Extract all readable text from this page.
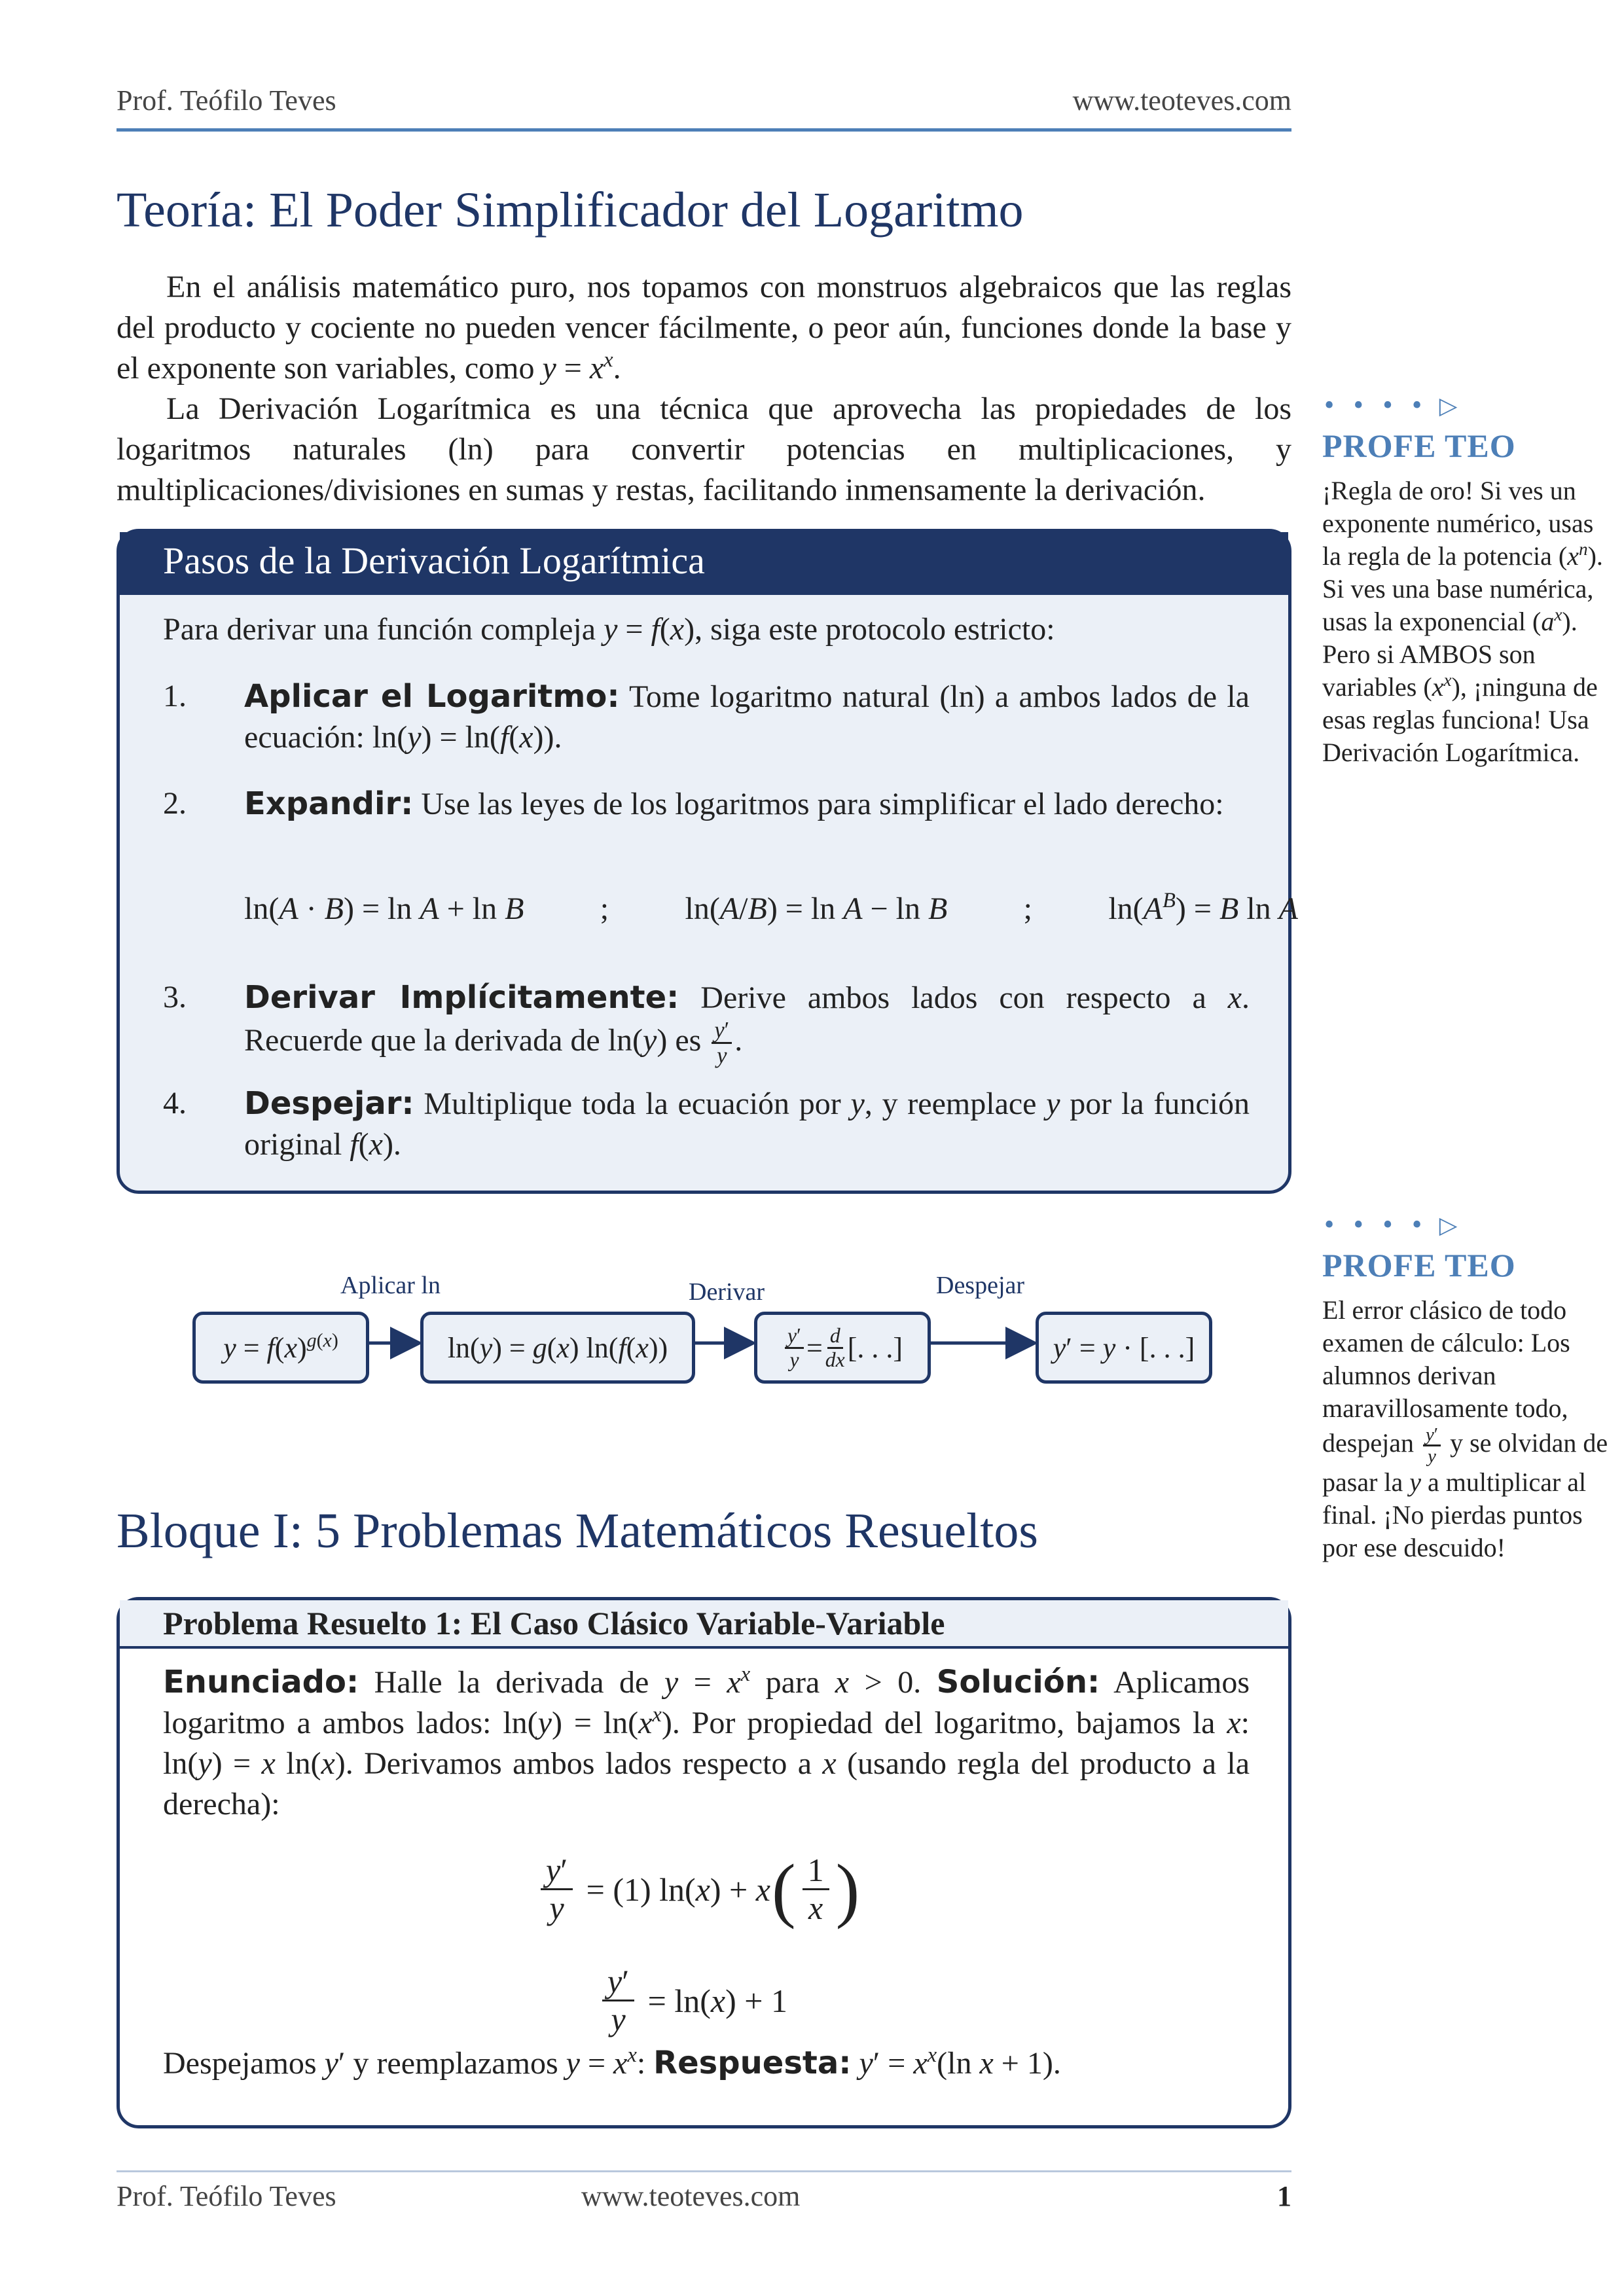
Prof. Teófilo Teves	www.teoteves.com
Teoría: El Poder Simplificador del Logaritmo
En el análisis matemático puro, nos topamos con monstruos algebraicos que las reglas del producto y cociente no pueden vencer fácilmente, o peor aún, funciones donde la base y el exponente son variables, como $y = x^x$.
La Derivación Logarítmica es una técnica que aprovecha las propiedades de los logaritmos naturales (ln) para convertir potencias en multiplicaciones, y multiplicaciones/divisiones en sumas y restas, facilitando inmensamente la derivación.
Pasos de la Derivación Logarítmica
Para derivar una función compleja y = f(x), siga este protocolo estricto:
1. Aplicar el Logaritmo: Tome logaritmo natural (ln) a ambos lados de la ecuación: ln(y) = ln(f(x)).
2. Expandir: Use las leyes de los logaritmos para simplificar el lado derecho:
ln(A · B) = ln A + ln B ; ln(A/B) = ln A − ln B ; $\ln(A^B) = B$ ln A
3. Derivar Implícitamente: Derive ambos lados con respecto a x. Recuerde que la derivada de ln(y) es $\frac{y'}{y}$ .
4. Despejar: Multiplique toda la ecuación por y, y reemplace y por la función original f(x).
• • • • ▷
PROFE TEO
¡Regla de oro! Si ves un exponente numérico, usas la regla de la potencia $(x^n)$. Si ves una base numérica, usas la exponencial $(a^x)$. Pero si AMBOS son variables $(x^x)$, ¡ninguna de esas reglas funciona! Usa Derivación Logarítmica.
Aplicar ln	Derivar	Despejar
$y = f(x)^{g(x)}$	ln(y) = g(x) ln(f(x))	$\frac{y'}{y} = \frac{d}{dx}$ [. . .]	y′ = y · [. . .]
• • • • ▷
PROFE TEO
El error clásico de todo examen de cálculo: Los alumnos derivan maravillosamente todo, despejan $\frac{y'}{y}$ y se olvidan de pasar la y a multiplicar al final. ¡No pierdas puntos por ese descuido!
Bloque I: 5 Problemas Matemáticos Resueltos
Problema Resuelto 1: El Caso Clásico Variable-Variable
Enunciado: Halle la derivada de $y = x^x$ para x > 0. Solución: Aplicamos logaritmo a ambos lados: $\ln(y) = \ln(x^x)$. Por propiedad del logaritmo, bajamos la x: ln(y) = x ln(x). Derivamos ambos lados respecto a x (usando regla del producto a la derecha):
Despejamos y′ y reemplazamos $y = x^x$: Respuesta: $y' = x^x(\ln$ x + 1).
$\frac{y'}{y} = (1) \ln(x) + x$ ( 1
x )
$\frac{y'}{y} = \ln(x) + 1$
Prof. Teófilo Teves	www.teoteves.com	1
